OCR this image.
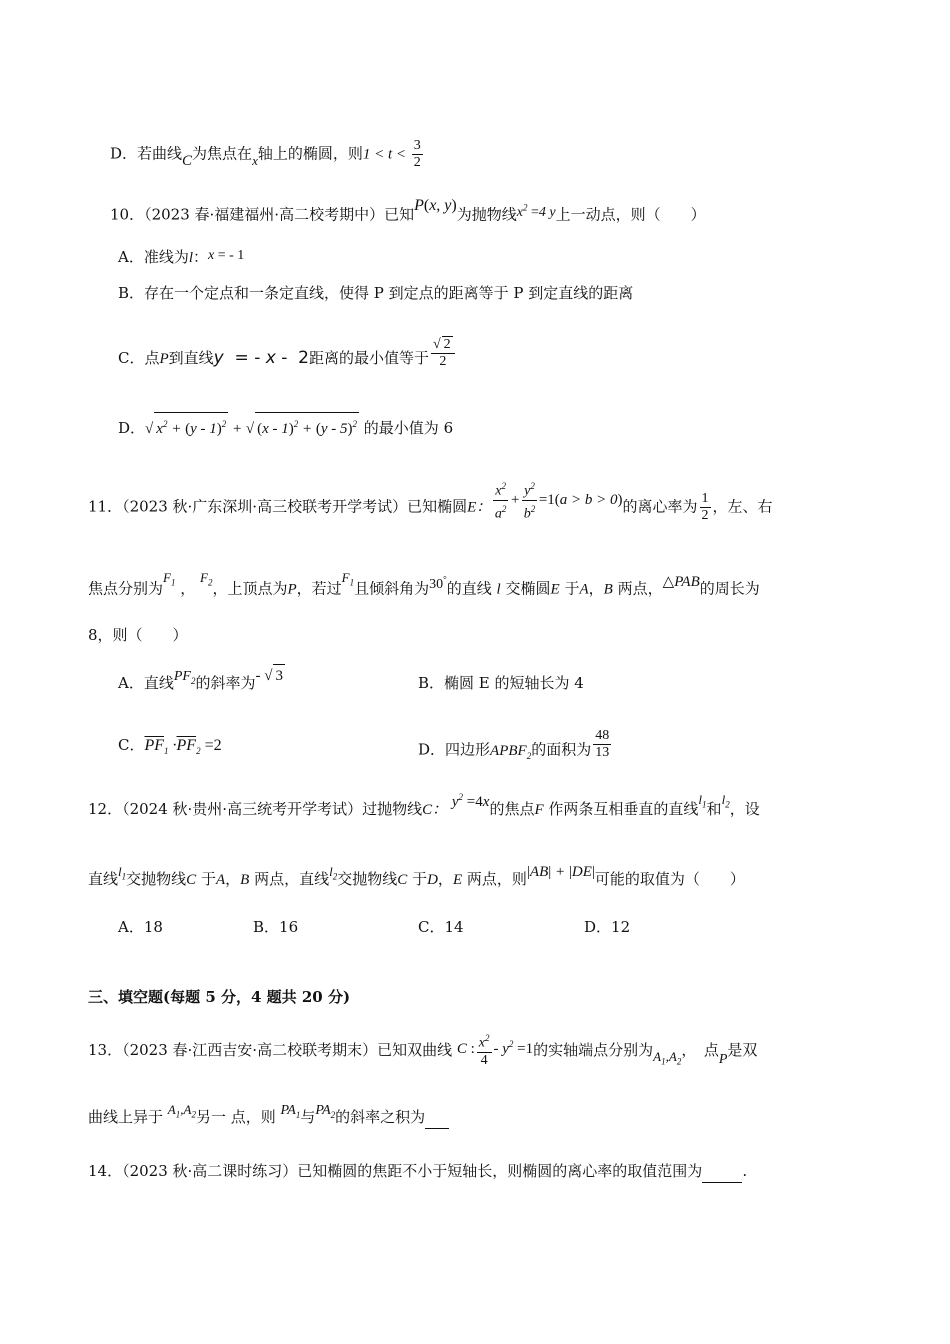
D．若曲线C为焦点在x轴上的椭圆，则$1 < t < \frac{3}{2}$
10．（2023 春·福建福州·高二校考期中）已知P(x, y)为抛物线$x^2 =4$ y上一动点，则（　　）
A．准线为l：x = - 1
B．存在一个定点和一条定直线，使得 P 到定点的距离等于 P 到定直线的距离
C．点P到直线y  = - x -  2距离的最小值等于 $\frac{√ 2}{2}$
D．√ $x^2 + (y - 1)^2$ + √ (x - 1)$^2$ + (y - 5)$^2$ 的最小值为 6
11．（2023 秋·广东深圳·高三校联考开学考试）已知椭圆E： $\frac{x^2}{a^2} + \frac{y^2}{b^2} =1(a > b > 0)$的离心率为 $\frac{1}{2}$ ，左、右
焦点分别为$F_1$ ， $F_2$，上顶点为P，若过$F_1$且倾斜角为30°的直线 l 交椭圆E 于A，B 两点，△PAB的周长为
8，则（　　）
A．直线$PF_2$的斜率为- √ 3	B．椭圆 E 的短轴长为 4
C．$\overline{PF}_1 \cdot\overline{PF}_2 =2$	D．四边形$APBF_2$的面积为 $\frac{48}{13}$
12．（2024 秋·贵州·高三统考开学考试）过抛物线C： $y^2 =4x$的焦点F 作两条互相垂直的直线$l_1$和$l_2$，设
直线$l_1$交抛物线C 于A，B 两点，直线$l_2$交抛物线C 于D，E 两点，则|AB| + |DE|可能的取值为（　　）
A．18	B．16	C．14	D．12
三、填空题(每题 5 分，4 题共 20 分)
13．（2023 春·江西吉安·高二校联考期末）已知双曲线 C : $\frac{x^2}{4} - y^2 =1$的实轴端点分别为$A_1,A_2$，　点P是双
曲线上异于 $A_1,A_2$另一 点，则 $PA_1$与$PA_2$的斜率之积为
14．（2023 秋·高二课时练习）已知椭圆的焦距不小于短轴长，则椭圆的离心率的取值范围为	.
